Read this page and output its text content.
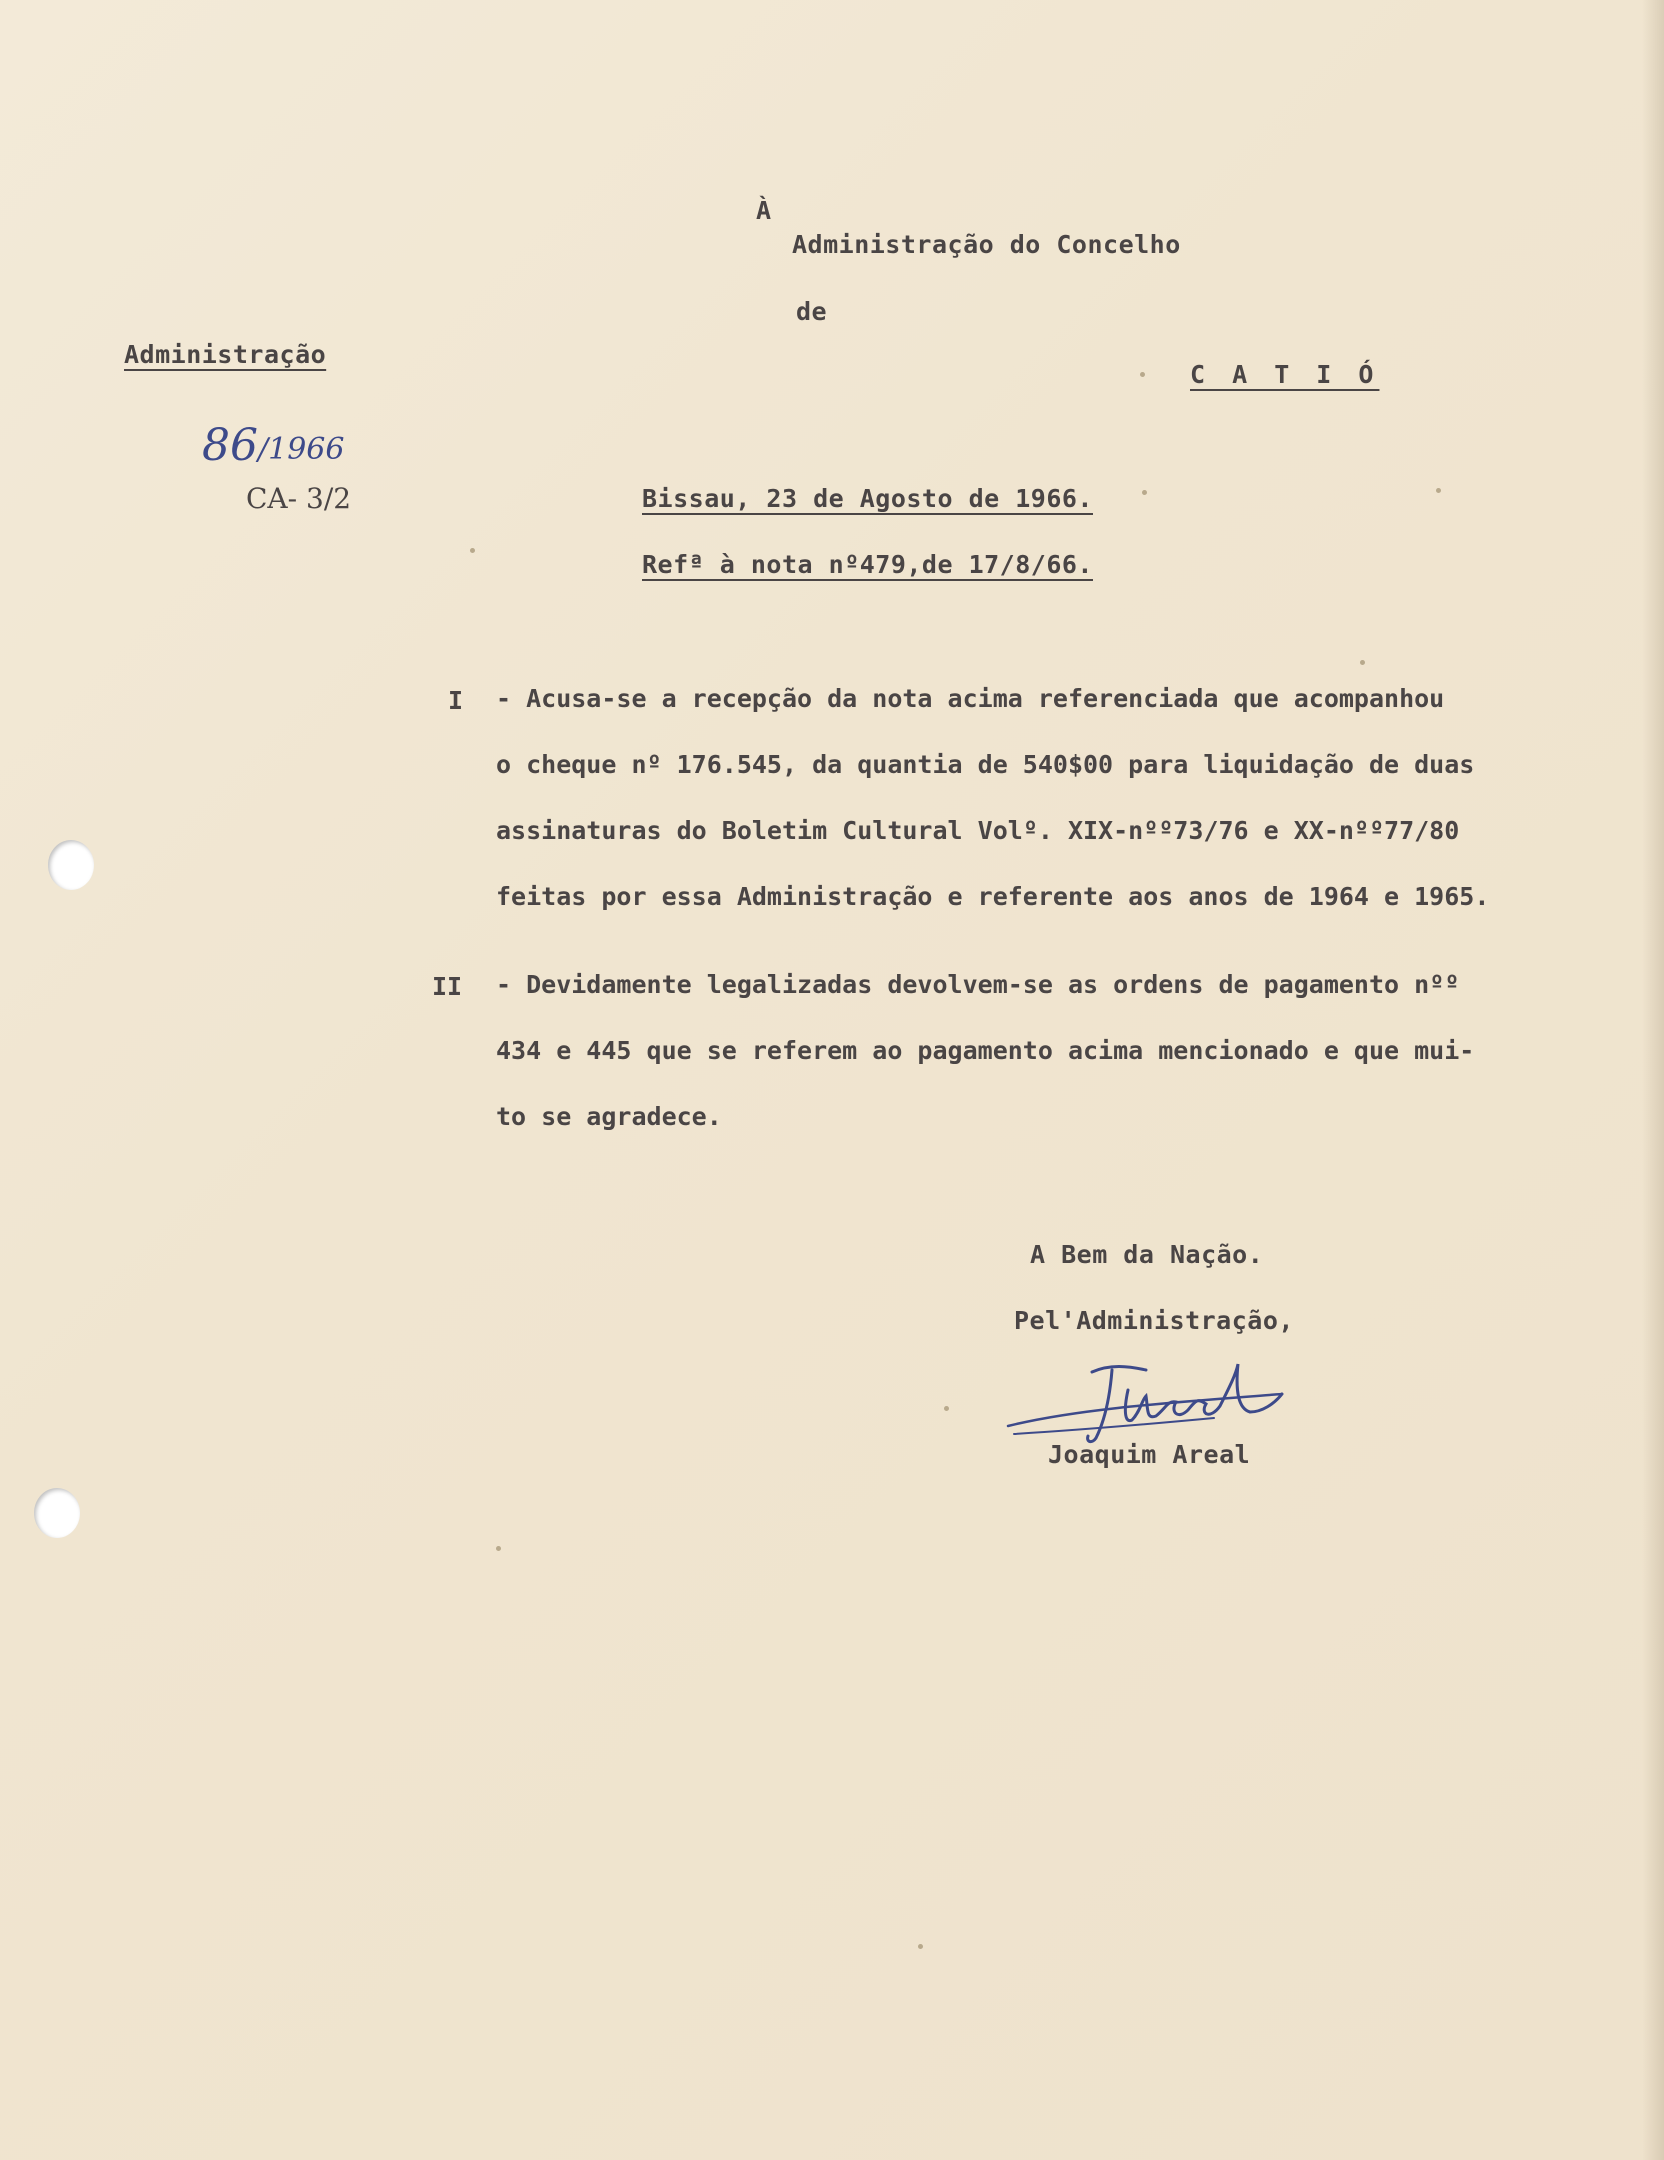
À
Administração do Concelho
de
C A T I Ó
Administração
86 /1966
CA- 3/2	Bissau, 23 de Agosto de 1966.
Refª à nota nº479,de 17/8/66.
I - Acusa-se a recepção da nota acima referenciada que acompanhou
o cheque nº 176.545, da quantia de 540$00 para liquidação de duas
assinaturas do Boletim Cultural Volº. XIX-nºº73/76 e XX-nºº77/80
feitas por essa Administração e referente aos anos de 1964 e 1965.
II - Devidamente legalizadas devolvem-se as ordens de pagamento nºº
434 e 445 que se referem ao pagamento acima mencionado e que mui-
to se agradece.
A Bem da Nação.
Pel'Administração,
Joaquim Areal
